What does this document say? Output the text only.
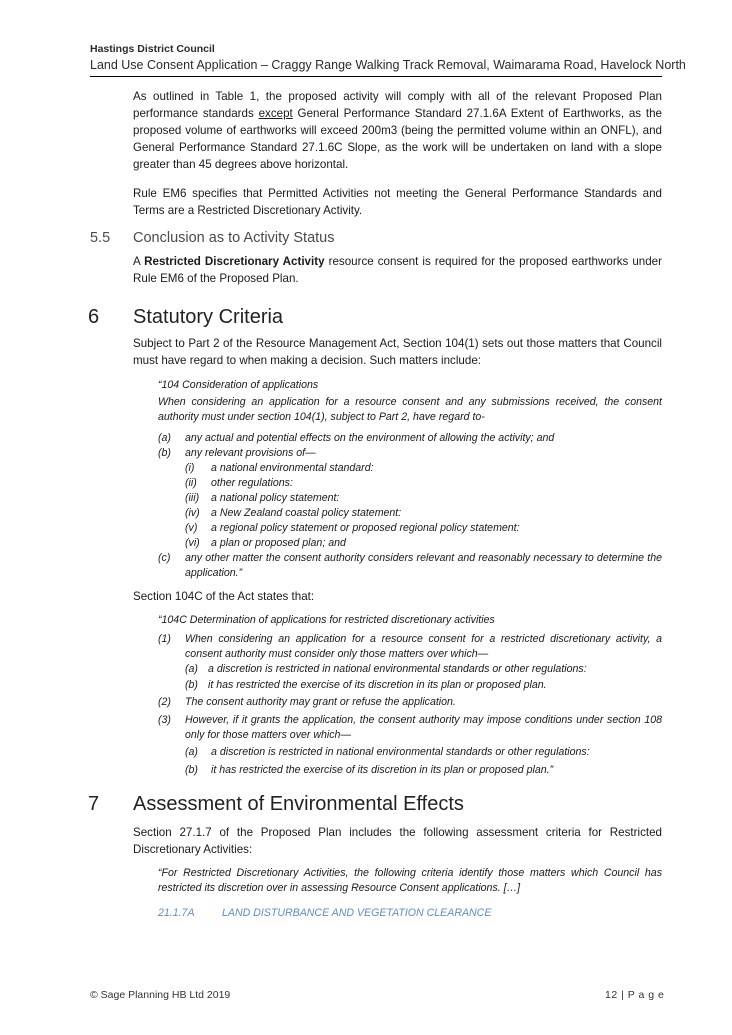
Hastings District Council
Land Use Consent Application – Craggy Range Walking Track Removal, Waimarama Road, Havelock North
As outlined in Table 1, the proposed activity will comply with all of the relevant Proposed Plan performance standards except General Performance Standard 27.1.6A Extent of Earthworks, as the proposed volume of earthworks will exceed 200m3 (being the permitted volume within an ONFL), and General Performance Standard 27.1.6C Slope, as the work will be undertaken on land with a slope greater than 45 degrees above horizontal.
Rule EM6 specifies that Permitted Activities not meeting the General Performance Standards and Terms are a Restricted Discretionary Activity.
5.5 Conclusion as to Activity Status
A Restricted Discretionary Activity resource consent is required for the proposed earthworks under Rule EM6 of the Proposed Plan.
6 Statutory Criteria
Subject to Part 2 of the Resource Management Act, Section 104(1) sets out those matters that Council must have regard to when making a decision. Such matters include:
“104 Consideration of applications
When considering an application for a resource consent and any submissions received, the consent authority must under section 104(1), subject to Part 2, have regard to-
(a) any actual and potential effects on the environment of allowing the activity; and
(b) any relevant provisions of—
(i) a national environmental standard:
(ii) other regulations:
(iii) a national policy statement:
(iv) a New Zealand coastal policy statement:
(v) a regional policy statement or proposed regional policy statement:
(vi) a plan or proposed plan; and
(c) any other matter the consent authority considers relevant and reasonably necessary to determine the application.”
Section 104C of the Act states that:
“104C Determination of applications for restricted discretionary activities
(1) When considering an application for a resource consent for a restricted discretionary activity, a consent authority must consider only those matters over which—
(a) a discretion is restricted in national environmental standards or other regulations:
(b) it has restricted the exercise of its discretion in its plan or proposed plan.
(2) The consent authority may grant or refuse the application.
(3) However, if it grants the application, the consent authority may impose conditions under section 108 only for those matters over which—
(a) a discretion is restricted in national environmental standards or other regulations:
(b) it has restricted the exercise of its discretion in its plan or proposed plan.”
7 Assessment of Environmental Effects
Section 27.1.7 of the Proposed Plan includes the following assessment criteria for Restricted Discretionary Activities:
“For Restricted Discretionary Activities, the following criteria identify those matters which Council has restricted its discretion over in assessing Resource Consent applications. […]
21.1.7A	LAND DISTURBANCE AND VEGETATION CLEARANCE
© Sage Planning HB Ltd 2019	12 | P a g e
